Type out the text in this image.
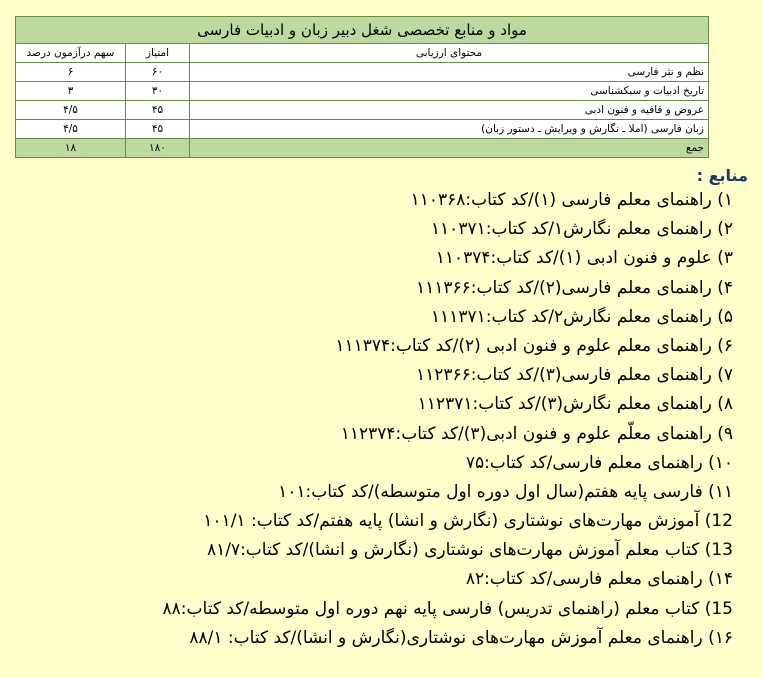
مواد و منابع تخصصی شغل دبیر زبان و ادبیات فارسی		
محتوای ارزیابی	امتیاز	سهم درآزمون درصد
نظم و نثر فارسی	۶۰	۶
تاریخ ادبیات و سبکشناسی	۳۰	۳
عروض و قافیه و فنون ادبی	۴۵	۴/۵
زبان فارسی (املا ـ نگارش و ویرایش ـ دستور زبان)	۴۵	۴/۵
جمع	۱۸۰	۱۸
منابع :
۱) راهنمای معلم فارسی (۱)/کد کتاب:۱۱۰۳۶۸
۲) راهنمای معلم نگارش۱/کد کتاب:۱۱۰۳۷۱
۳) علوم و فنون ادبی (۱)/کد کتاب:۱۱۰۳۷۴
۴) راهنمای معلم فارسی(۲)/کد کتاب:۱۱۱۳۶۶
۵) راهنمای معلم نگارش۲/کد کتاب:۱۱۱۳۷۱
۶) راهنمای معلم علوم و فنون ادبی (۲)/کد کتاب:۱۱۱۳۷۴
۷) راهنمای معلم فارسی(۳)/کد کتاب:۱۱۲۳۶۶
۸) راهنمای معلم نگارش(۳)/کد کتاب:۱۱۲۳۷۱
۹) راهنمای معلّم علوم و فنون ادبی(۳)/کد کتاب:۱۱۲۳۷۴
۱۰) راهنمای معلم فارسی/کد کتاب:۷۵
۱۱) فارسی پایه هفتم(سال اول دوره اول متوسطه)/کد کتاب:۱۰۱
12) آموزش مهارت‌های نوشتاری (نگارش و انشا) پایه هفتم/کد کتاب: ۱۰۱/۱
13) کتاب معلم آموزش مهارت‌های نوشتاری (نگارش و انشا)/کد کتاب:۸۱/۷
۱۴) راهنمای معلم فارسی/کد کتاب:۸۲
15) کتاب معلم (راهنمای تدریس) فارسی پایه نهم دوره اول متوسطه/کد کتاب:۸۸
۱۶) راهنمای معلم آموزش مهارت‌های نوشتاری(نگارش و انشا)/کد کتاب: ۸۸/۱
